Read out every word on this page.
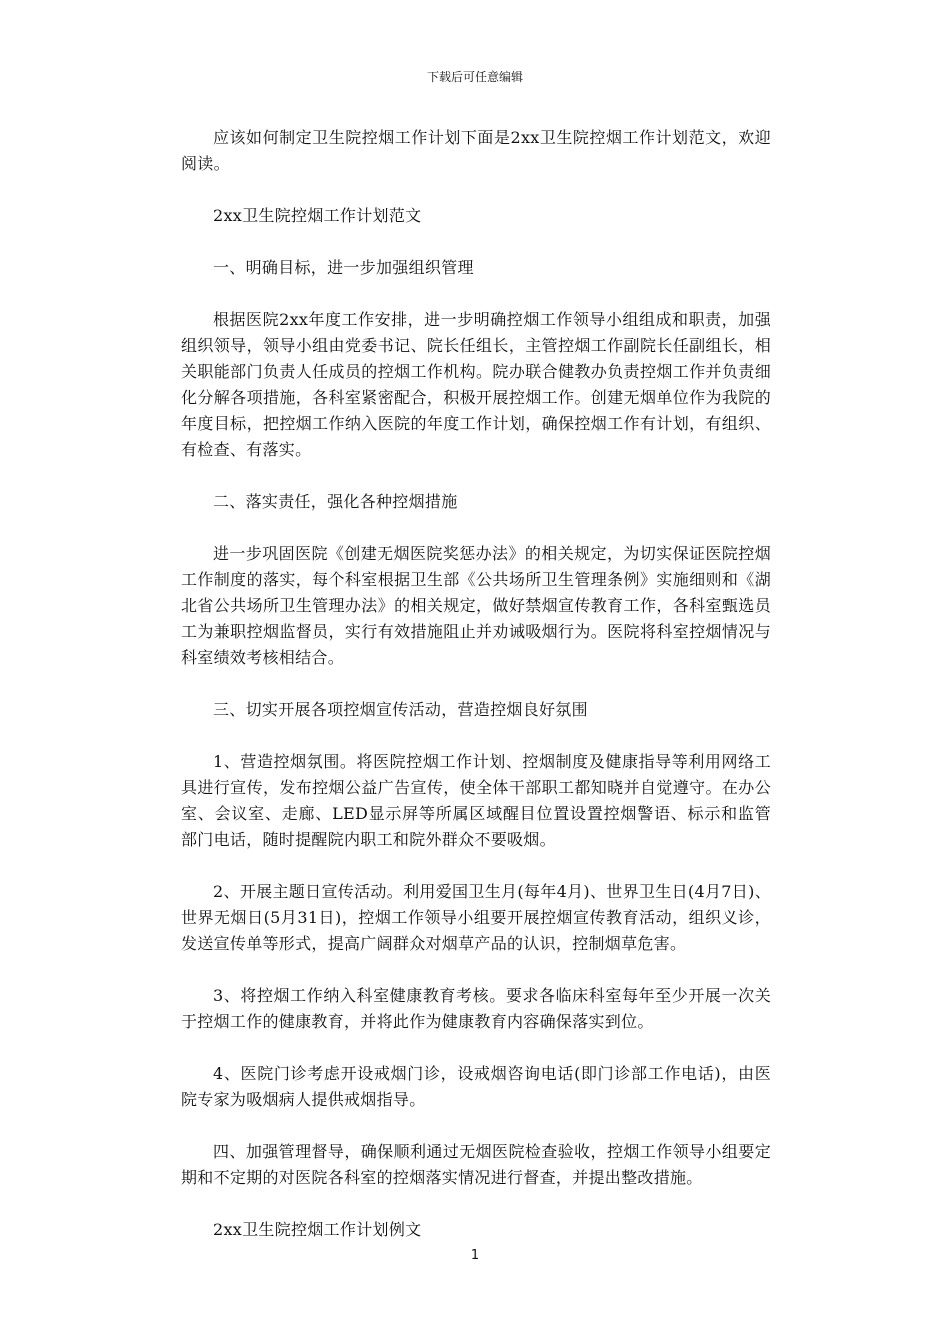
下载后可任意编辑

应该如何制定卫生院控烟工作计划下面是2xx卫生院控烟工作计划范文，欢迎阅读。

2xx卫生院控烟工作计划范文

一、明确目标，进一步加强组织管理

根据医院2xx年度工作安排，进一步明确控烟工作领导小组组成和职责，加强组织领导，领导小组由党委书记、院长任组长，主管控烟工作副院长任副组长，相关职能部门负责人任成员的控烟工作机构。院办联合健教办负责控烟工作并负责细化分解各项措施，各科室紧密配合，积极开展控烟工作。创建无烟单位作为我院的年度目标，把控烟工作纳入医院的年度工作计划，确保控烟工作有计划，有组织、有检查、有落实。

二、落实责任，强化各种控烟措施

进一步巩固医院《创建无烟医院奖惩办法》的相关规定，为切实保证医院控烟工作制度的落实，每个科室根据卫生部《公共场所卫生管理条例》实施细则和《湖北省公共场所卫生管理办法》的相关规定，做好禁烟宣传教育工作，各科室甄选员工为兼职控烟监督员，实行有效措施阻止并劝诫吸烟行为。医院将科室控烟情况与科室绩效考核相结合。

三、切实开展各项控烟宣传活动，营造控烟良好氛围

1、营造控烟氛围。将医院控烟工作计划、控烟制度及健康指导等利用网络工具进行宣传，发布控烟公益广告宣传，使全体干部职工都知晓并自觉遵守。在办公室、会议室、走廊、LED显示屏等所属区域醒目位置设置控烟警语、标示和监管部门电话，随时提醒院内职工和院外群众不要吸烟。

2、开展主题日宣传活动。利用爱国卫生月(每年4月)、世界卫生日(4月7日)、世界无烟日(5月31日)，控烟工作领导小组要开展控烟宣传教育活动，组织义诊，发送宣传单等形式，提高广阔群众对烟草产品的认识，控制烟草危害。

3、将控烟工作纳入科室健康教育考核。要求各临床科室每年至少开展一次关于控烟工作的健康教育，并将此作为健康教育内容确保落实到位。

4、医院门诊考虑开设戒烟门诊，设戒烟咨询电话(即门诊部工作电话)，由医院专家为吸烟病人提供戒烟指导。

四、加强管理督导，确保顺利通过无烟医院检查验收，控烟工作领导小组要定期和不定期的对医院各科室的控烟落实情况进行督查，并提出整改措施。

2xx卫生院控烟工作计划例文

1
